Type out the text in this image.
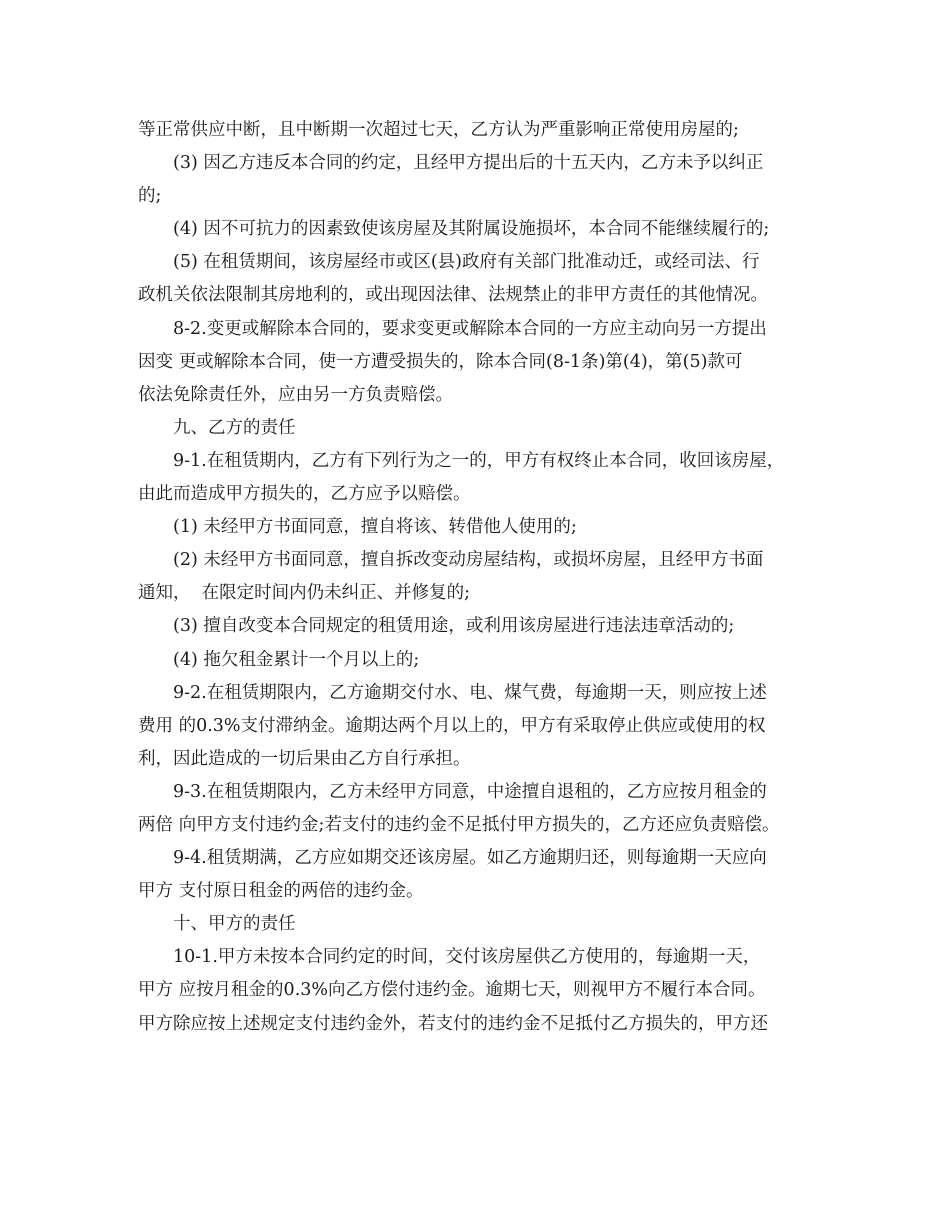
等正常供应中断，且中断期一次超过七天，乙方认为严重影响正常使用房屋的;
(3) 因乙方违反本合同的约定，且经甲方提出后的十五天内，乙方未予以纠正
的;
(4) 因不可抗力的因素致使该房屋及其附属设施损坏，本合同不能继续履行的;
(5) 在租赁期间，该房屋经市或区(县)政府有关部门批准动迁，或经司法、行
政机关依法限制其房地利的，或出现因法律、法规禁止的非甲方责任的其他情况。
8-2.变更或解除本合同的，要求变更或解除本合同的一方应主动向另一方提出
因变 更或解除本合同，使一方遭受损失的，除本合同(8-1条)第(4)，第(5)款可
依法免除责任外，应由另一方负责赔偿。
九、乙方的责任
9-1.在租赁期内，乙方有下列行为之一的，甲方有权终止本合同，收回该房屋，
由此而造成甲方损失的，乙方应予以赔偿。
(1) 未经甲方书面同意，擅自将该、转借他人使用的;
(2) 未经甲方书面同意，擅自拆改变动房屋结构，或损坏房屋，且经甲方书面
通知，  在限定时间内仍未纠正、并修复的;
(3) 擅自改变本合同规定的租赁用途，或利用该房屋进行违法违章活动的;
(4) 拖欠租金累计一个月以上的;
9-2.在租赁期限内，乙方逾期交付水、电、煤气费，每逾期一天，则应按上述
费用 的0.3%支付滞纳金。逾期达两个月以上的，甲方有采取停止供应或使用的权
利，因此造成的一切后果由乙方自行承担。
9-3.在租赁期限内，乙方未经甲方同意，中途擅自退租的，乙方应按月租金的
两倍 向甲方支付违约金;若支付的违约金不足抵付甲方损失的，乙方还应负责赔偿。
9-4.租赁期满，乙方应如期交还该房屋。如乙方逾期归还，则每逾期一天应向
甲方 支付原日租金的两倍的违约金。
十、甲方的责任
10-1.甲方未按本合同约定的时间，交付该房屋供乙方使用的，每逾期一天，
甲方 应按月租金的0.3%向乙方偿付违约金。逾期七天，则视甲方不履行本合同。
甲方除应按上述规定支付违约金外，若支付的违约金不足抵付乙方损失的，甲方还
